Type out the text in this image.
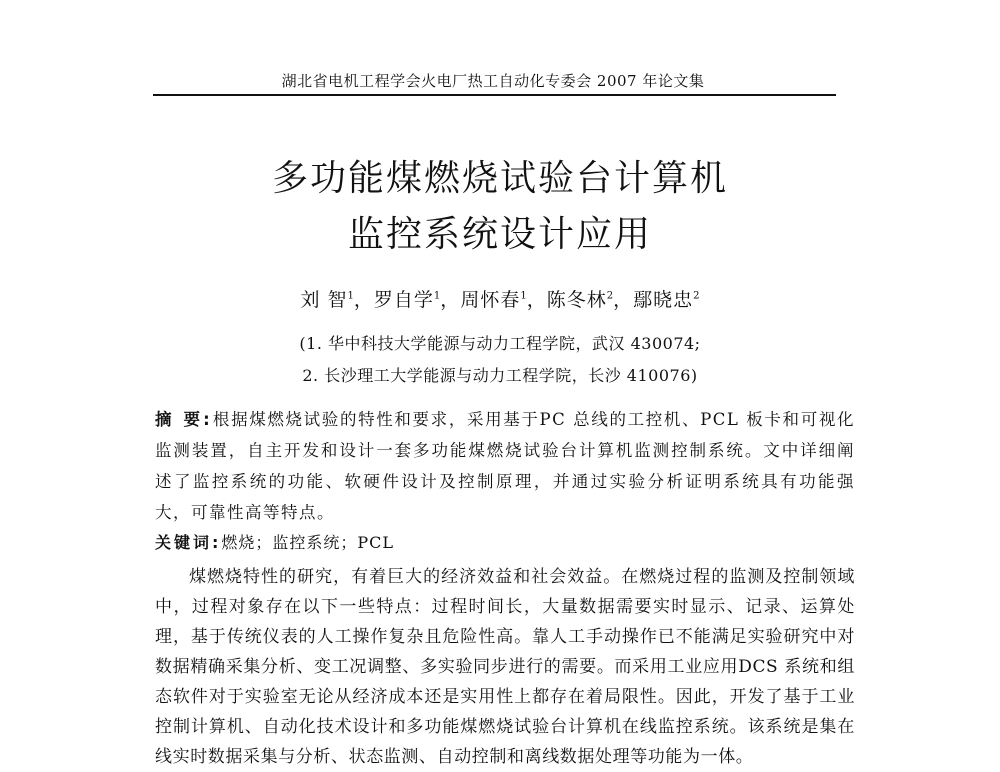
湖北省电机工程学会火电厂热工自动化专委会 2007 年论文集
多功能煤燃烧试验台计算机
监控系统设计应用
刘 智$^1$，罗自学$^1$，周怀春$^1$，陈冬林$^2$，鄢晓忠$^2$
(1. 华中科技大学能源与动力工程学院，武汉 430074;
2. 长沙理工大学能源与动力工程学院，长沙 410076)
摘 要:根据煤燃烧试验的特性和要求，采用基于PC 总线的工控机、PCL 板卡和可视化监测装置，自主开发和设计一套多功能煤燃烧试验台计算机监测控制系统。文中详细阐述了监控系统的功能、软硬件设计及控制原理，并通过实验分析证明系统具有功能强大，可靠性高等特点。
关键词:燃烧；监控系统；PCL
煤燃烧特性的研究，有着巨大的经济效益和社会效益。在燃烧过程的监测及控制领域中，过程对象存在以下一些特点：过程时间长，大量数据需要实时显示、记录、运算处理，基于传统仪表的人工操作复杂且危险性高。靠人工手动操作已不能满足实验研究中对数据精确采集分析、变工况调整、多实验同步进行的需要。而采用工业应用DCS 系统和组态软件对于实验室无论从经济成本还是实用性上都存在着局限性。因此，开发了基于工业控制计算机、自动化技术设计和多功能煤燃烧试验台计算机在线监控系统。该系统是集在线实时数据采集与分析、状态监测、自动控制和离线数据处理等功能为一体。
